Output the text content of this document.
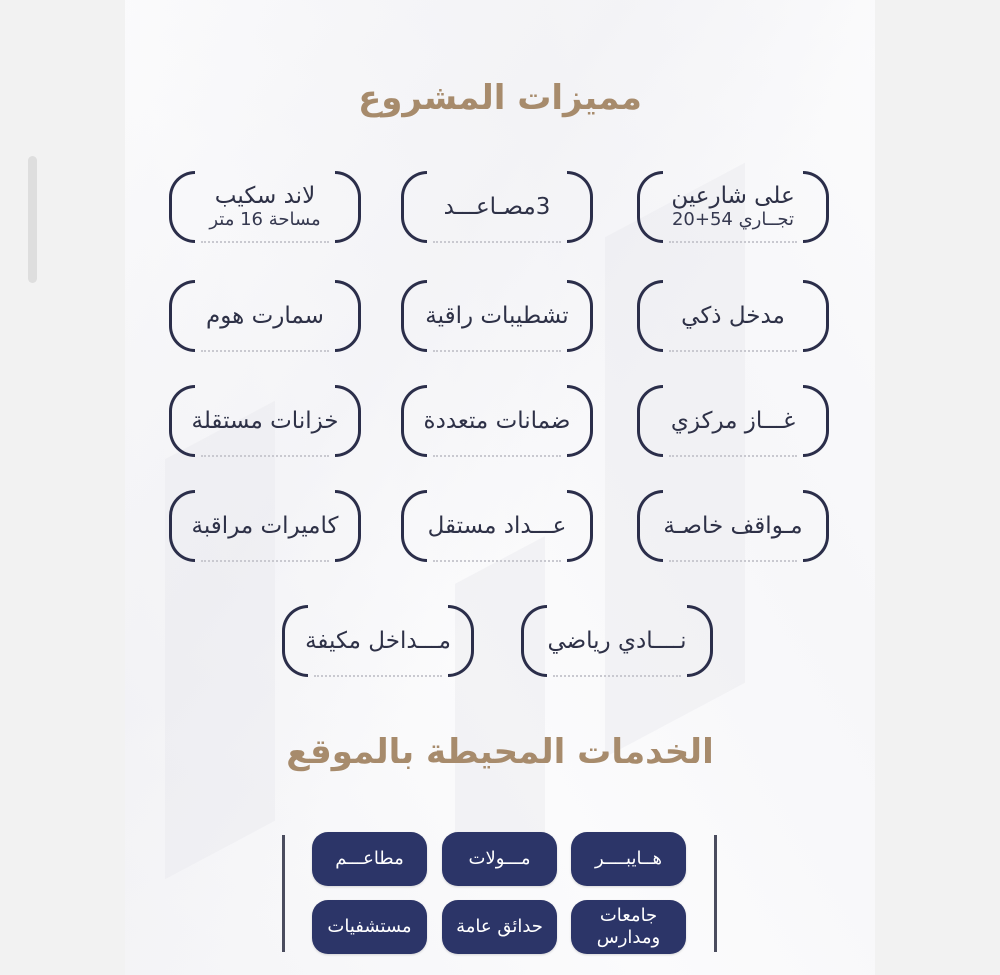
مميزات المشروع
على شارعين
تجــاري 54+20
3مصـاعـــد
لاند سكيب
مساحة 16 متر
مدخل ذكي
تشطيبات راقية
سمارت هوم
غـــاز مركزي
ضمانات متعددة
خزانات مستقلة
مـواقف خاصـة
عـــداد مستقل
كاميرات مراقبة
نــــادي رياضي
مـــداخل مكيفة
الخدمات المحيطة بالموقع
هــايبــــر
مـــولات
مطاعـــم
جامعات ومدارس
حدائق عامة
مستشفيات
